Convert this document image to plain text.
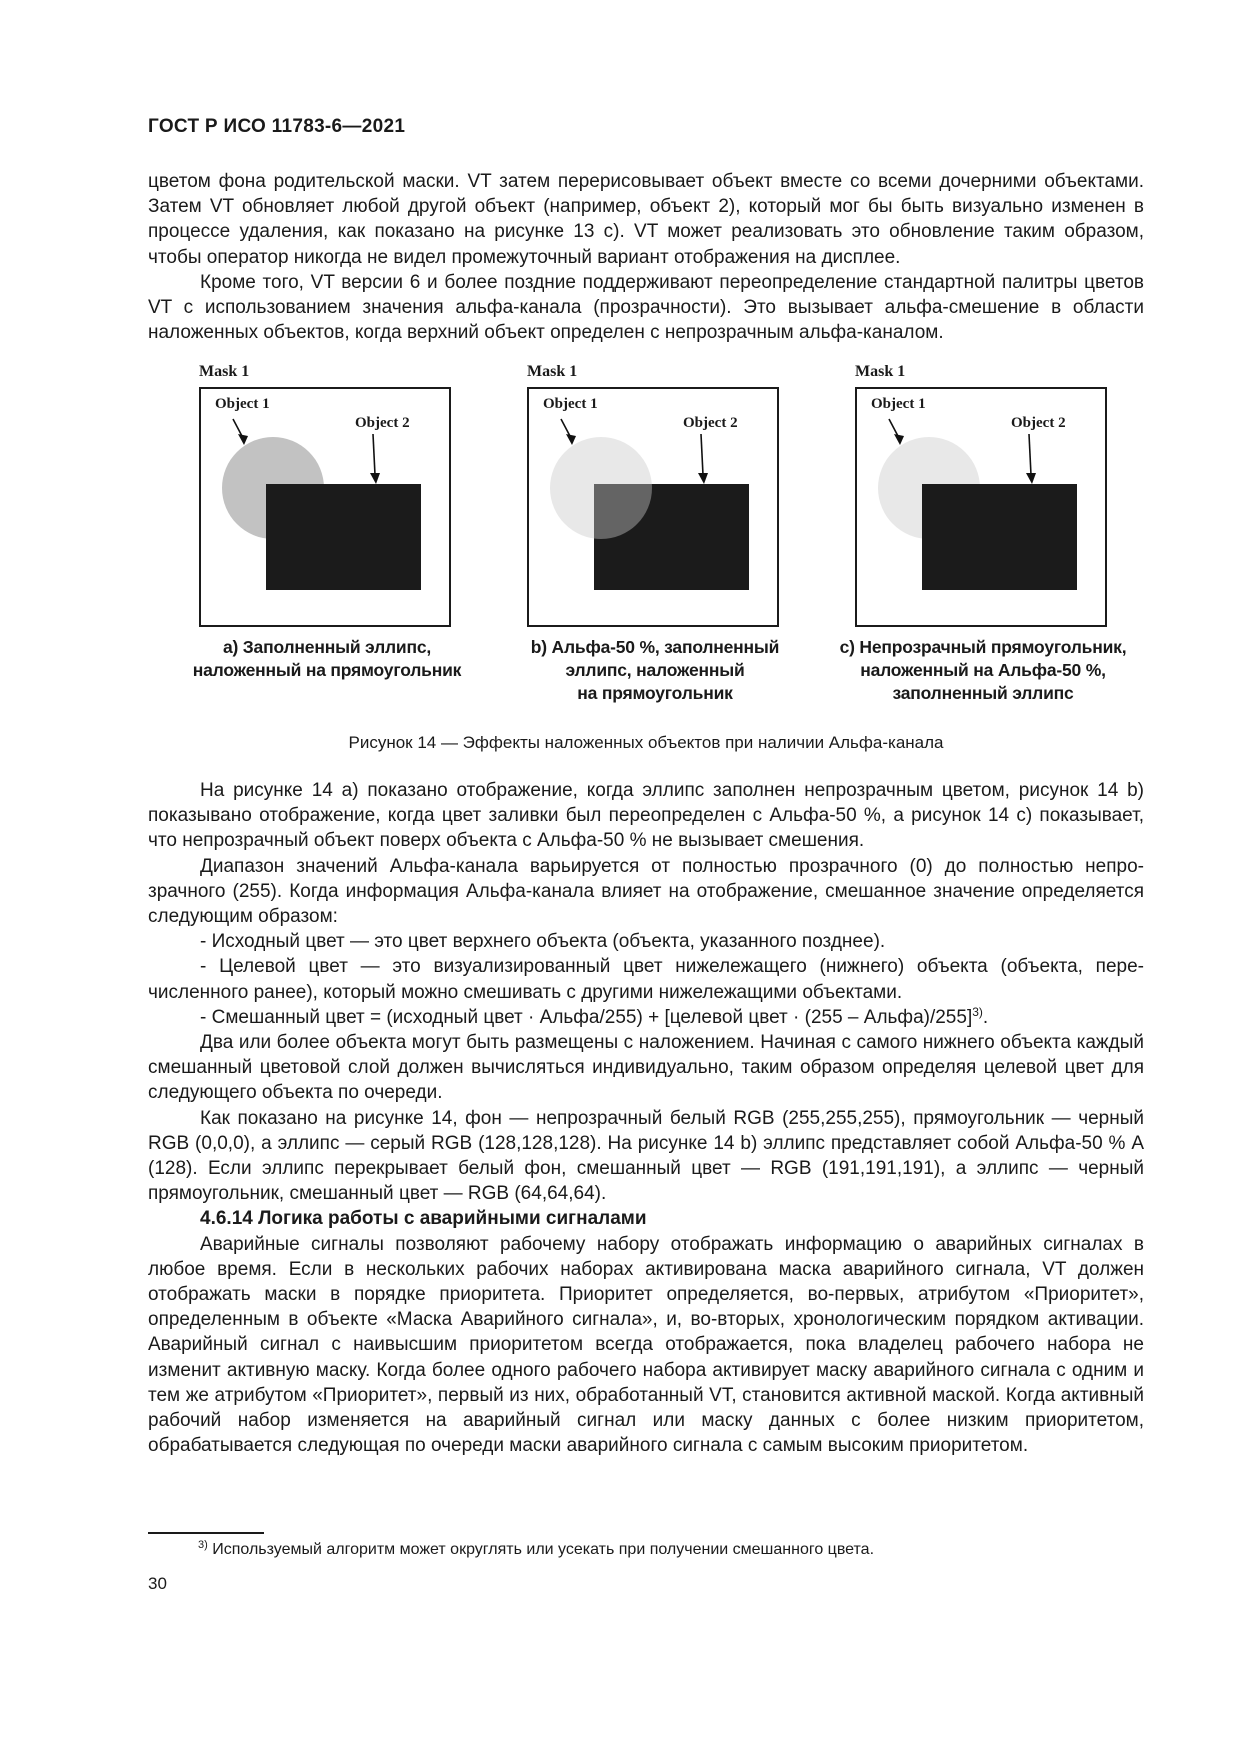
ГОСТ Р ИСО 11783-6—2021

цветом фона родительской маски. VT затем перерисовывает объект вместе со всеми дочерними объектами. Затем VT обновляет любой другой объект (например, объект 2), который мог бы быть визуально изменен в процессе удаления, как показано на рисунке 13 c). VT может реализовать это обновление таким образом, чтобы оператор никогда не видел промежуточный вариант отображения на дисплее.

Кроме того, VT версии 6 и более поздние поддерживают переопределение стандартной палитры цветов VT с использованием значения альфа-канала (прозрачности). Это вызывает альфа-смешение в области наложенных объектов, когда верхний объект определен с непрозрачным альфа-каналом.

Mask 1
Object 1
Object 2
Mask 1
Object 1
Object 2
Mask 1
Object 1
Object 2
а) Заполненный эллипс,
наложенный на прямоугольник
b) Альфа-50 %, заполненный
эллипс, наложенный
на прямоугольник
с) Непрозрачный прямоугольник,
наложенный на Альфа-50 %,
заполненный эллипс
Рисунок 14 — Эффекты наложенных объектов при наличии Альфа-канала

На рисунке 14 а) показано отображение, когда эллипс заполнен непрозрачным цветом, рисунок 14 b) показывано отображение, когда цвет заливки был переопределен с Альфа-50 %, а рисунок 14 с) показывает, что непрозрачный объект поверх объекта с Альфа-50 % не вызывает смешения.

Диапазон значений Альфа-канала варьируется от полностью прозрачного (0) до полностью непрозрачного (255). Когда информация Альфа-канала влияет на отображение, смешанное значение определяется следующим образом:

- Исходный цвет — это цвет верхнего объекта (объекта, указанного позднее).

- Целевой цвет — это визуализированный цвет нижележащего (нижнего) объекта (объекта, перечисленного ранее), который можно смешивать с другими нижележащими объектами.

- Смешанный цвет = (исходный цвет · Альфа/255) + [целевой цвет · (255 – Альфа)/255]$^{3)}$.

Два или более объекта могут быть размещены с наложением. Начиная с самого нижнего объекта каждый смешанный цветовой слой должен вычисляться индивидуально, таким образом определяя целевой цвет для следующего объекта по очереди.

Как показано на рисунке 14, фон — непрозрачный белый RGB (255,255,255), прямоугольник — черный RGB (0,0,0), а эллипс — серый RGB (128,128,128). На рисунке 14 b) эллипс представляет собой Альфа-50 % А (128). Если эллипс перекрывает белый фон, смешанный цвет — RGB (191,191,191), а эллипс — черный прямоугольник, смешанный цвет — RGB (64,64,64).

4.6.14 Логика работы с аварийными сигналами

Аварийные сигналы позволяют рабочему набору отображать информацию о аварийных сигналах в любое время. Если в нескольких рабочих наборах активирована маска аварийного сигнала, VT должен отображать маски в порядке приоритета. Приоритет определяется, во-первых, атрибутом «Приоритет», определенным в объекте «Маска Аварийного сигнала», и, во-вторых, хронологическим порядком активации. Аварийный сигнал с наивысшим приоритетом всегда отображается, пока владелец рабочего набора не изменит активную маску. Когда более одного рабочего набора активирует маску аварийного сигнала с одним и тем же атрибутом «Приоритет», первый из них, обработанный VT, становится активной маской. Когда активный рабочий набор изменяется на аварийный сигнал или маску данных с более низким приоритетом, обрабатывается следующая по очереди маски аварийного сигнала с самым высоким приоритетом.

$^{3)}$ Используемый алгоритм может округлять или усекать при получении смешанного цвета.
30
